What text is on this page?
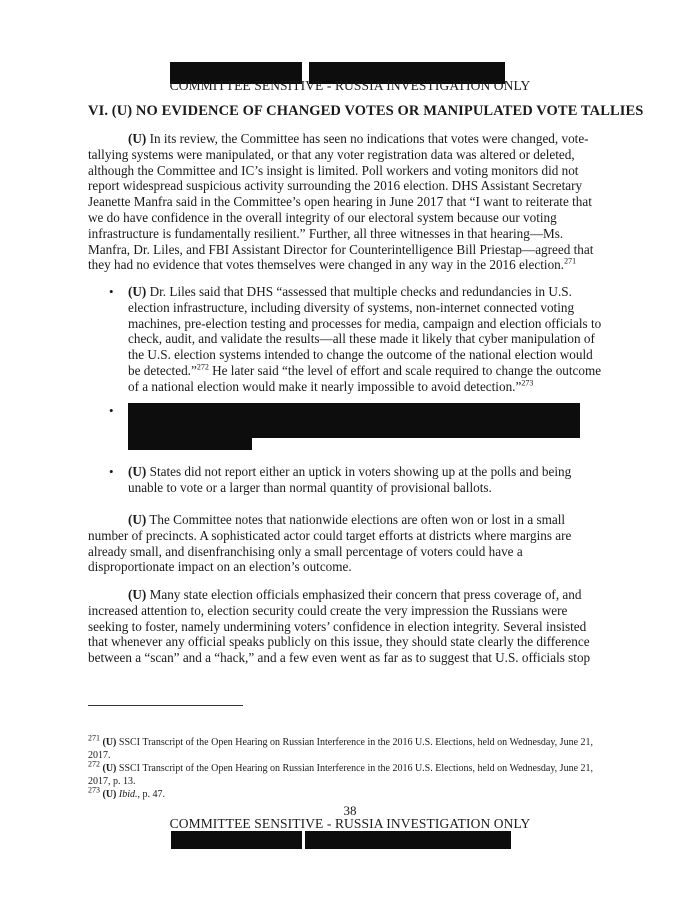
COMMITTEE SENSITIVE - RUSSIA INVESTIGATION ONLY
VI. (U) NO EVIDENCE OF CHANGED VOTES OR MANIPULATED VOTE TALLIES

(U) In its review, the Committee has seen no indications that votes were changed, vote-tallying systems were manipulated, or that any voter registration data was altered or deleted, although the Committee and IC’s insight is limited. Poll workers and voting monitors did not report widespread suspicious activity surrounding the 2016 election. DHS Assistant Secretary Jeanette Manfra said in the Committee’s open hearing in June 2017 that “I want to reiterate that we do have confidence in the overall integrity of our electoral system because our voting infrastructure is fundamentally resilient.” Further, all three witnesses in that hearing—Ms. Manfra, Dr. Liles, and FBI Assistant Director for Counterintelligence Bill Priestap—agreed that they had no evidence that votes themselves were changed in any way in the 2016 election.$^{271}$

• (U) Dr. Liles said that DHS “assessed that multiple checks and redundancies in U.S. election infrastructure, including diversity of systems, non-internet connected voting machines, pre-election testing and processes for media, campaign and election officials to check, audit, and validate the results—all these made it likely that cyber manipulation of the U.S. election systems intended to change the outcome of the national election would be detected.”$^{272}$ He later said “the level of effort and scale required to change the outcome of a national election would make it nearly impossible to avoid detection.”$^{273}$

•
• (U) States did not report either an uptick in voters showing up at the polls and being unable to vote or a larger than normal quantity of provisional ballots.

(U) The Committee notes that nationwide elections are often won or lost in a small number of precincts. A sophisticated actor could target efforts at districts where margins are already small, and disenfranchising only a small percentage of voters could have a disproportionate impact on an election’s outcome.

(U) Many state election officials emphasized their concern that press coverage of, and increased attention to, election security could create the very impression the Russians were seeking to foster, namely undermining voters’ confidence in election integrity. Several insisted that whenever any official speaks publicly on this issue, they should state clearly the difference between a “scan” and a “hack,” and a few even went as far as to suggest that U.S. officials stop

$^{271}$ (U) SSCI Transcript of the Open Hearing on Russian Interference in the 2016 U.S. Elections, held on Wednesday, June 21, 2017.

$^{272}$ (U) SSCI Transcript of the Open Hearing on Russian Interference in the 2016 U.S. Elections, held on Wednesday, June 21, 2017, p. 13.

$^{273}$ (U) Ibid., p. 47.

38
COMMITTEE SENSITIVE - RUSSIA INVESTIGATION ONLY
